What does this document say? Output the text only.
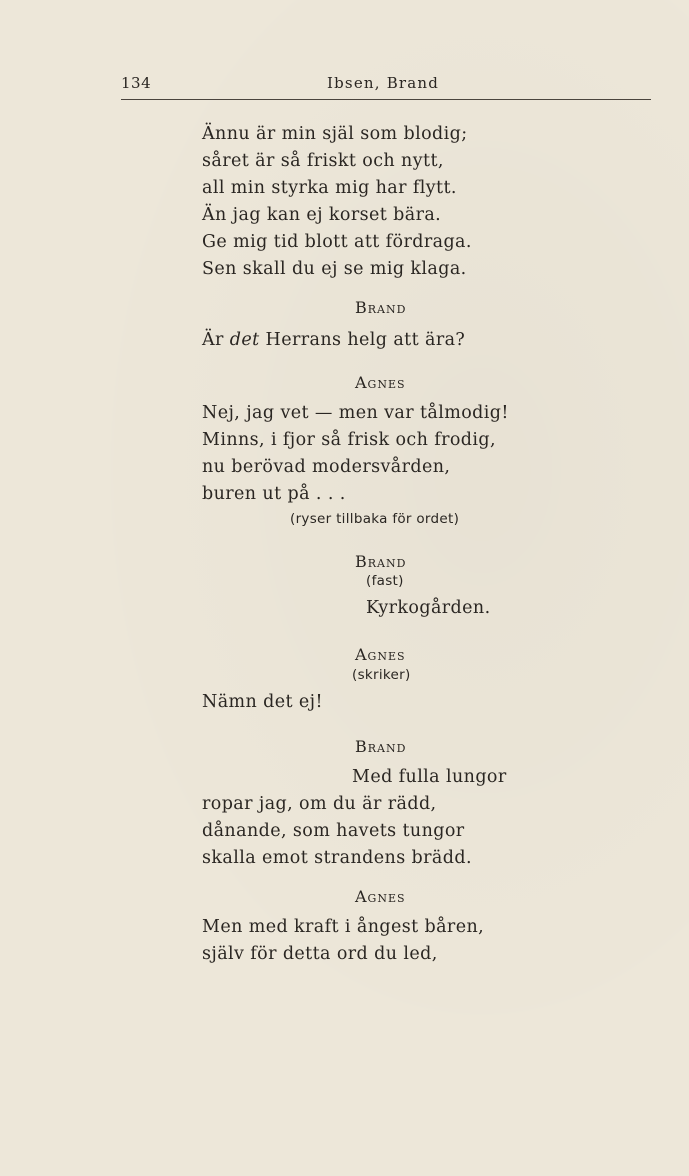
134	Ibsen, Brand
Ännu är min själ som blodig;
såret är så friskt och nytt,
all min styrka mig har flytt.
Än jag kan ej korset bära.
Ge mig tid blott att fördraga.
Sen skall du ej se mig klaga.
Brand
Är det Herrans helg att ära?
Agnes
Nej, jag vet — men var tålmodig!
Minns, i fjor så frisk och frodig,
nu berövad modersvården,
buren ut på . . .
(ryser tillbaka för ordet)
Brand
(fast)
Kyrkogården.
Agnes
(skriker)
Nämn det ej!
Brand
Med fulla lungor
ropar jag, om du är rädd,
dånande, som havets tungor
skalla emot strandens brädd.
Agnes
Men med kraft i ångest båren,
själv för detta ord du led,
